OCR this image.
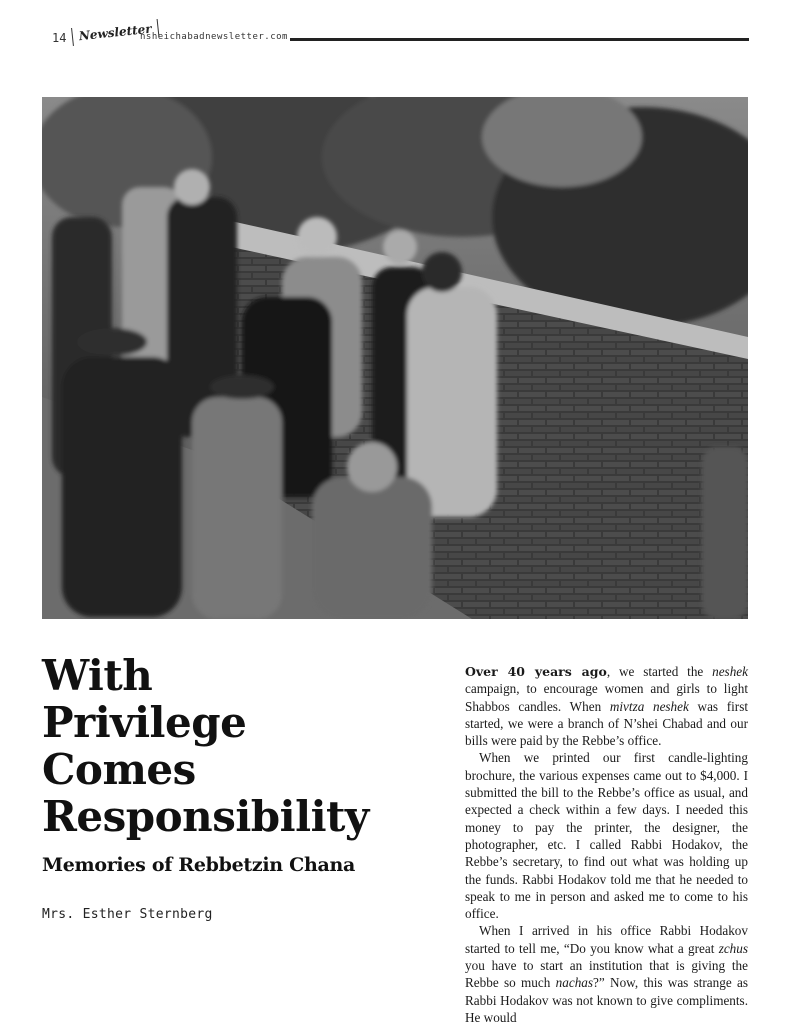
14 Newsletter
nsheichabadnewsletter.com
With
Privilege
Comes
Responsibility
Memories of Rebbetzin Chana
Mrs. Esther Sternberg

Over 40 years ago, we started the neshek campaign, to encourage women and girls to light Shabbos candles. When mivtza neshek was first started, we were a branch of N’shei Chabad and our bills were paid by the Rebbe’s office.

When we printed our first candle-lighting brochure, the various expenses came out to $4,000. I submitted the bill to the Rebbe’s office as usual, and expected a check within a few days. I needed this money to pay the printer, the designer, the photographer, etc. I called Rabbi Hodakov, the Rebbe’s secretary, to find out what was holding up the funds. Rabbi Hodakov told me that he needed to speak to me in person and asked me to come to his office.

When I arrived in his office Rabbi Hodakov started to tell me, “Do you know what a great zchus you have to start an institution that is giving the Rebbe so much nachas?” Now, this was strange as Rabbi Hodakov was not known to give compliments. He would
